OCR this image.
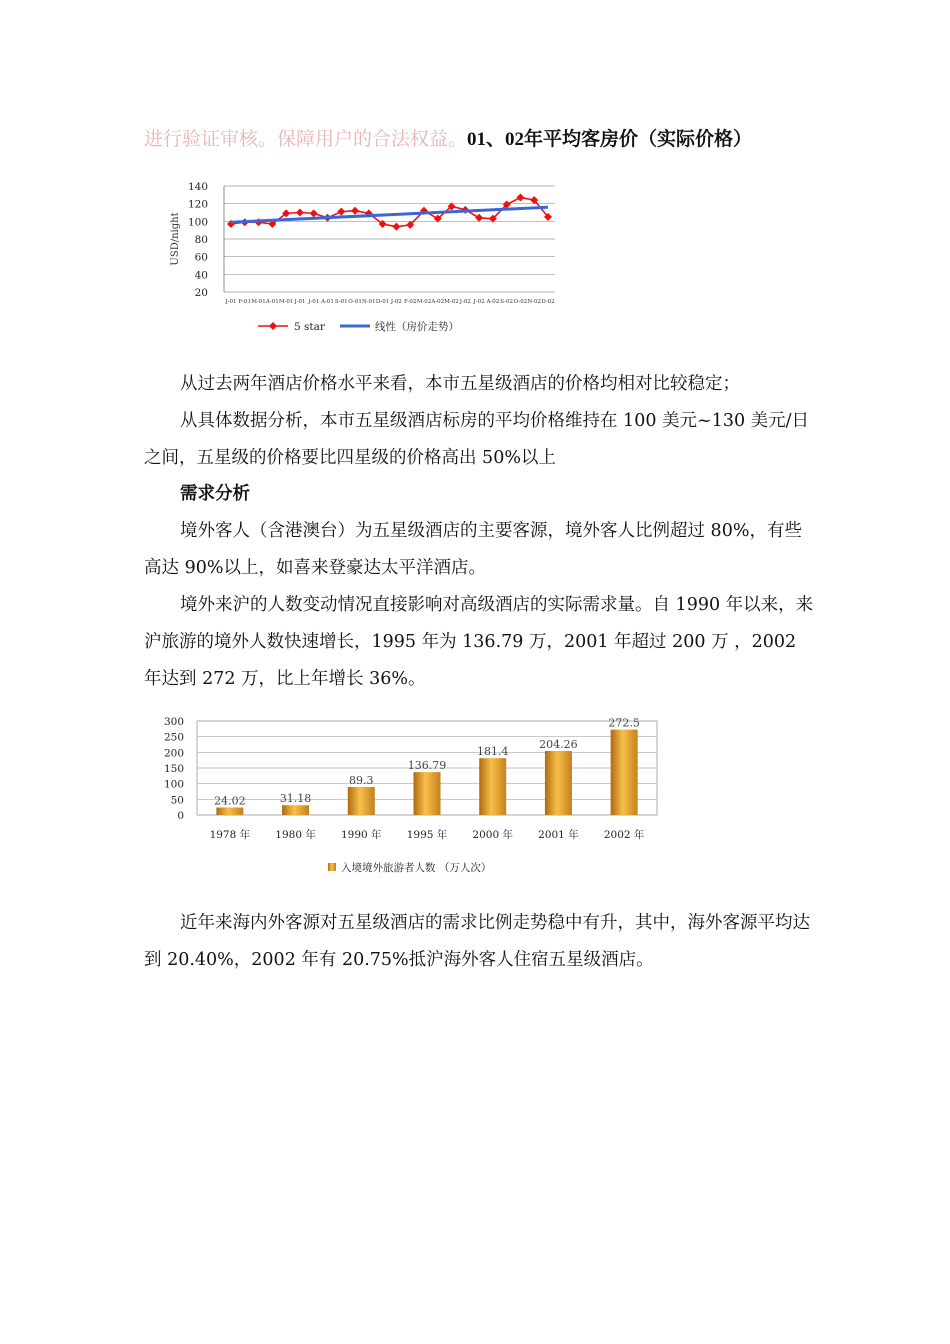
进行验证审核。保障用户的合法权益。01、02年平均客房价（实际价格）
USD/night
20
40
60
80
100
120
140
J-01 F-01 M-01 A-01 M-01 J-01 J-01 A-01 S-01 O-01 N-01 D-01 J-02 F-02 M-02 A-02 M-02 J-02 J-02 A-02 S-02 O-02 N-02 D-02
5 star	线性（房价走势）

从过去两年酒店价格水平来看，本市五星级酒店的价格均相对比较稳定；

从具体数据分析，本市五星级酒店标房的平均价格维持在 100 美元~130 美元/日之间，五星级的价格要比四星级的价格高出 50%以上

需求分析

境外客人（含港澳台）为五星级酒店的主要客源，境外客人比例超过 80%，有些高达 90%以上，如喜来登豪达太平洋酒店。

境外来沪的人数变动情况直接影响对高级酒店的实际需求量。自 1990 年以来，来沪旅游的境外人数快速增长，1995 年为 136.79 万，2001 年超过 200 万 ，2002 年达到 272 万，比上年增长 36%。

0
50
100
150
200
250
300
24.02
1978 年
31.18
1980 年
89.3
1990 年
136.79
1995 年
181.4
2000 年
204.26
2001 年
272.5
2002 年
入境境外旅游者人数 （万人次）

近年来海内外客源对五星级酒店的需求比例走势稳中有升，其中，海外客源平均达到 20.40%，2002 年有 20.75%抵沪海外客人住宿五星级酒店。
